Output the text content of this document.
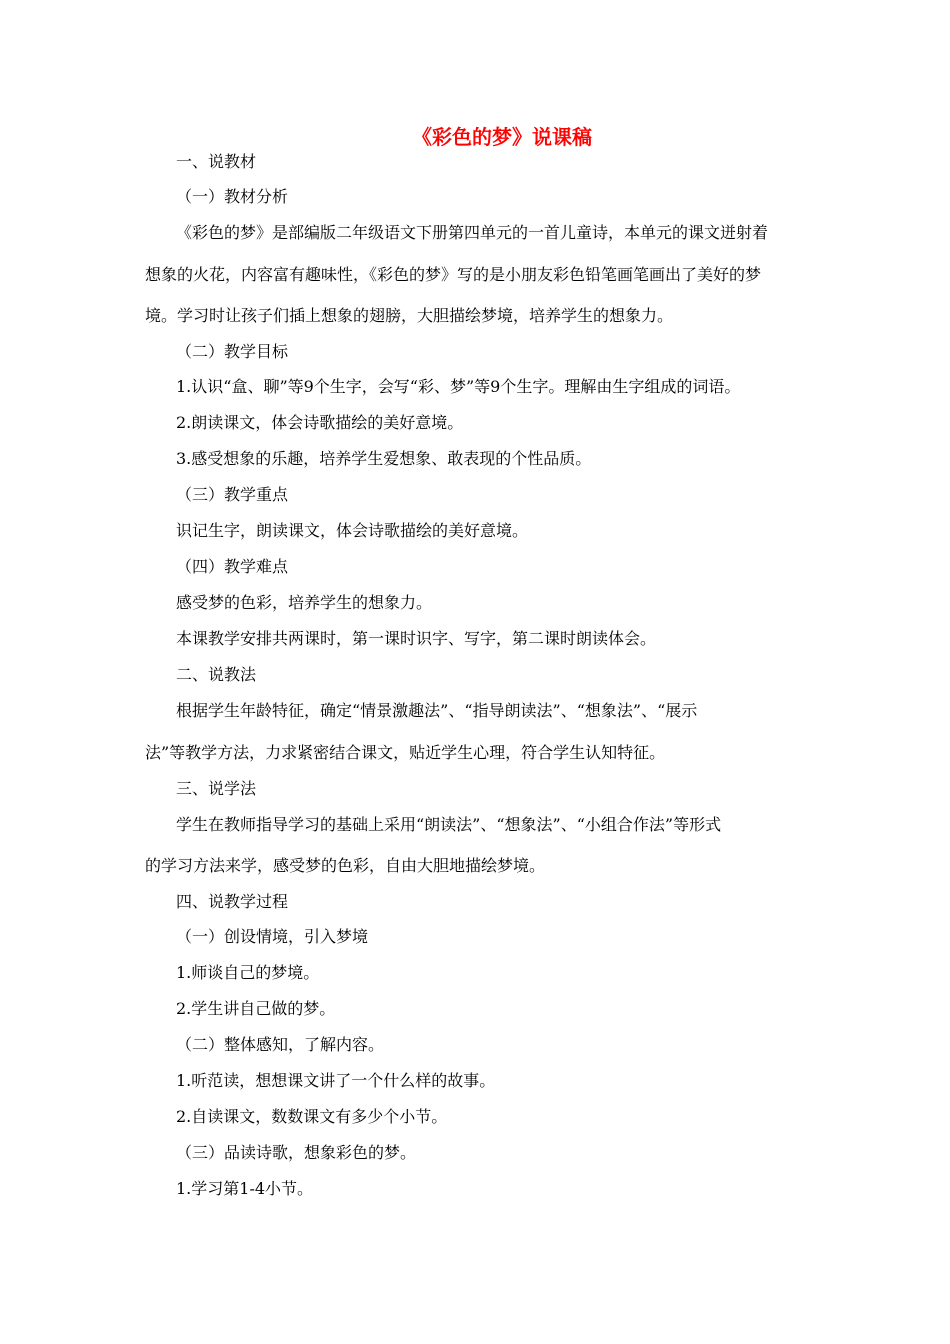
《彩色的梦》说课稿
一、说教材
（一）教材分析
《彩色的梦》是部编版二年级语文下册第四单元的一首儿童诗，本单元的课文迸射着
想象的火花，内容富有趣味性，《彩色的梦》写的是小朋友彩色铅笔画笔画出了美好的梦
境。学习时让孩子们插上想象的翅膀，大胆描绘梦境，培养学生的想象力。
（二）教学目标
1.认识“盒、聊”等9个生字，会写“彩、梦”等9个生字。理解由生字组成的词语。
2.朗读课文，体会诗歌描绘的美好意境。
3.感受想象的乐趣，培养学生爱想象、敢表现的个性品质。
（三）教学重点
识记生字，朗读课文，体会诗歌描绘的美好意境。
（四）教学难点
感受梦的色彩，培养学生的想象力。
本课教学安排共两课时，第一课时识字、写字，第二课时朗读体会。
二、说教法
根据学生年龄特征，确定“情景激趣法”、“指导朗读法”、“想象法”、“展示
法”等教学方法，力求紧密结合课文，贴近学生心理，符合学生认知特征。
三、说学法
学生在教师指导学习的基础上采用“朗读法”、“想象法”、“小组合作法”等形式
的学习方法来学，感受梦的色彩，自由大胆地描绘梦境。
四、说教学过程
（一）创设情境，引入梦境
1.师谈自己的梦境。
2.学生讲自己做的梦。
（二）整体感知，了解内容。
1.听范读，想想课文讲了一个什么样的故事。
2.自读课文，数数课文有多少个小节。
（三）品读诗歌，想象彩色的梦。
1.学习第1-4小节。
